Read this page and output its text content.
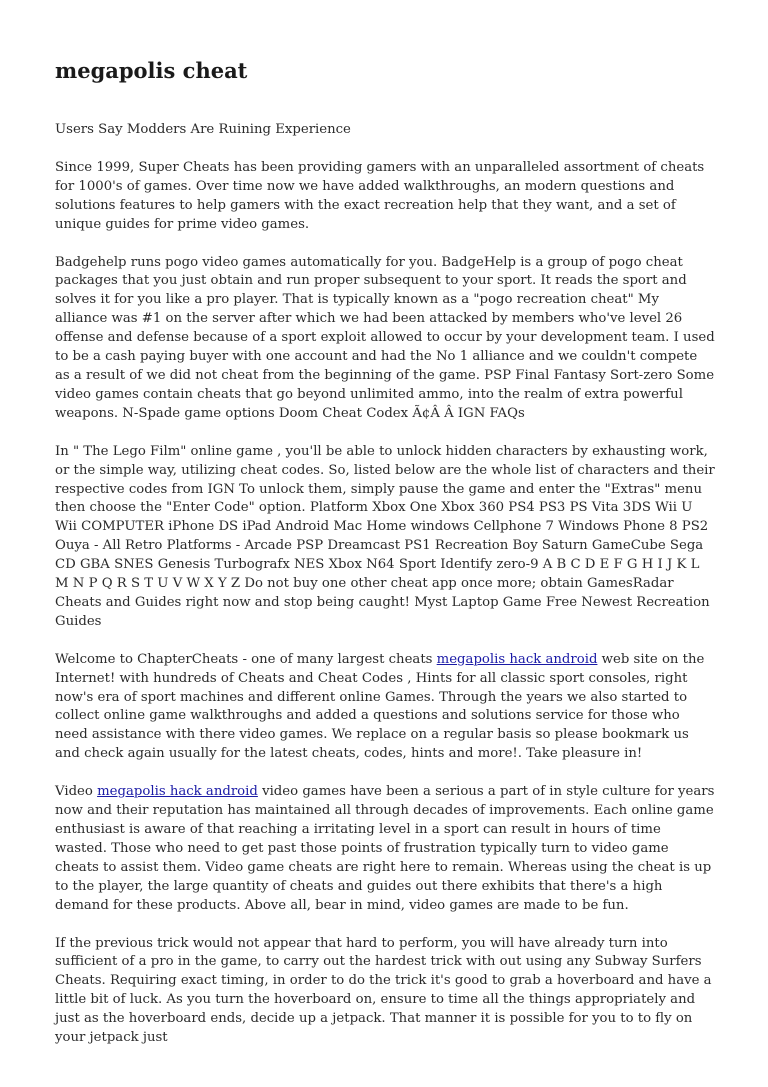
megapolis cheat

Users Say Modders Are Ruining Experience

Since 1999, Super Cheats has been providing gamers with an unparalleled assortment of cheats for 1000's of games. Over time now we have added walkthroughs, an modern questions and solutions features to help gamers with the exact recreation help that they want, and a set of unique guides for prime video games.

Badgehelp runs pogo video games automatically for you. BadgeHelp is a group of pogo cheat packages that you just obtain and run proper subsequent to your sport. It reads the sport and solves it for you like a pro player. That is typically known as a "pogo recreation cheat" My alliance was #1 on the server after which we had been attacked by members who've level 26 offense and defense because of a sport exploit allowed to occur by your development team. I used to be a cash paying buyer with one account and had the No 1 alliance and we couldn't compete as a result of we did not cheat from the beginning of the game. PSP Final Fantasy Sort-zero Some video games contain cheats that go beyond unlimited ammo, into the realm of extra powerful weapons. N-Spade game options Doom Cheat Codex Ã¢Â Â IGN FAQs

In " The Lego Film" online game , you'll be able to unlock hidden characters by exhausting work, or the simple way, utilizing cheat codes. So, listed below are the whole list of characters and their respective codes from IGN To unlock them, simply pause the game and enter the "Extras" menu then choose the "Enter Code" option. Platform Xbox One Xbox 360 PS4 PS3 PS Vita 3DS Wii U Wii COMPUTER iPhone DS iPad Android Mac Home windows Cellphone 7 Windows Phone 8 PS2 Ouya - All Retro Platforms - Arcade PSP Dreamcast PS1 Recreation Boy Saturn GameCube Sega CD GBA SNES Genesis Turbografx NES Xbox N64 Sport Identify zero-9 A B C D E F G H I J K L M N P Q R S T U V W X Y Z Do not buy one other cheat app once more; obtain GamesRadar Cheats and Guides right now and stop being caught! Myst Laptop Game Free Newest Recreation Guides

Welcome to ChapterCheats - one of many largest cheats megapolis hack android web site on the Internet! with hundreds of Cheats and Cheat Codes , Hints for all classic sport consoles, right now's era of sport machines and different online Games. Through the years we also started to collect online game walkthroughs and added a questions and solutions service for those who need assistance with there video games. We replace on a regular basis so please bookmark us and check again usually for the latest cheats, codes, hints and more!. Take pleasure in!

Video megapolis hack android video games have been a serious a part of in style culture for years now and their reputation has maintained all through decades of improvements. Each online game enthusiast is aware of that reaching a irritating level in a sport can result in hours of time wasted. Those who need to get past those points of frustration typically turn to video game cheats to assist them. Video game cheats are right here to remain. Whereas using the cheat is up to the player, the large quantity of cheats and guides out there exhibits that there's a high demand for these products. Above all, bear in mind, video games are made to be fun.

If the previous trick would not appear that hard to perform, you will have already turn into sufficient of a pro in the game, to carry out the hardest trick with out using any Subway Surfers Cheats. Requiring exact timing, in order to do the trick it's good to grab a hoverboard and have a little bit of luck. As you turn the hoverboard on, ensure to time all the things appropriately and just as the hoverboard ends, decide up a jetpack. That manner it is possible for you to to fly on your jetpack just
